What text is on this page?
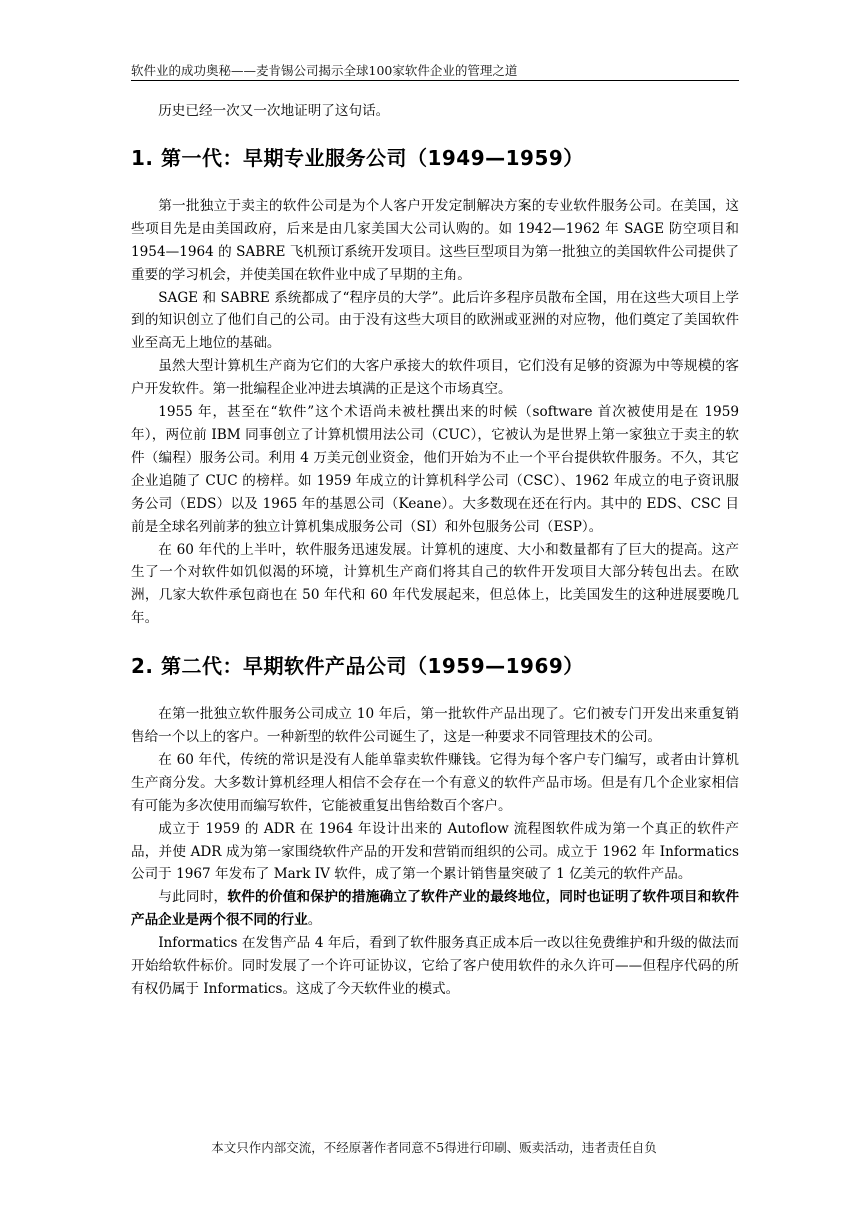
软件业的成功奥秘——麦肯锡公司揭示全球100家软件企业的管理之道

历史已经一次又一次地证明了这句话。

1. 第一代：早期专业服务公司（1949—1959）

第一批独立于卖主的软件公司是为个人客户开发定制解决方案的专业软件服务公司。在美国，这些项目先是由美国政府，后来是由几家美国大公司认购的。如 1942—1962 年 SAGE 防空项目和 1954—1964 的 SABRE 飞机预订系统开发项目。这些巨型项目为第一批独立的美国软件公司提供了重要的学习机会，并使美国在软件业中成了早期的主角。

SAGE 和 SABRE 系统都成了“程序员的大学”。此后许多程序员散布全国，用在这些大项目上学到的知识创立了他们自己的公司。由于没有这些大项目的欧洲或亚洲的对应物，他们奠定了美国软件业至高无上地位的基础。

虽然大型计算机生产商为它们的大客户承接大的软件项目，它们没有足够的资源为中等规模的客户开发软件。第一批编程企业冲进去填满的正是这个市场真空。

1955 年，甚至在“软件”这个术语尚未被杜撰出来的时候（software 首次被使用是在 1959 年），两位前 IBM 同事创立了计算机惯用法公司（CUC），它被认为是世界上第一家独立于卖主的软件（编程）服务公司。利用 4 万美元创业资金，他们开始为不止一个平台提供软件服务。不久，其它企业追随了 CUC 的榜样。如 1959 年成立的计算机科学公司（CSC）、1962 年成立的电子资讯服务公司（EDS）以及 1965 年的基恩公司（Keane）。大多数现在还在行内。其中的 EDS、CSC 目前是全球名列前茅的独立计算机集成服务公司（SI）和外包服务公司（ESP）。

在 60 年代的上半叶，软件服务迅速发展。计算机的速度、大小和数量都有了巨大的提高。这产生了一个对软件如饥似渴的环境，计算机生产商们将其自己的软件开发项目大部分转包出去。在欧洲，几家大软件承包商也在 50 年代和 60 年代发展起来，但总体上，比美国发生的这种进展要晚几年。

2. 第二代：早期软件产品公司（1959—1969）

在第一批独立软件服务公司成立 10 年后，第一批软件产品出现了。它们被专门开发出来重复销售给一个以上的客户。一种新型的软件公司诞生了，这是一种要求不同管理技术的公司。

在 60 年代，传统的常识是没有人能单靠卖软件赚钱。它得为每个客户专门编写，或者由计算机生产商分发。大多数计算机经理人相信不会存在一个有意义的软件产品市场。但是有几个企业家相信有可能为多次使用而编写软件，它能被重复出售给数百个客户。

成立于 1959 的 ADR 在 1964 年设计出来的 Autoflow 流程图软件成为第一个真正的软件产品，并使 ADR 成为第一家围绕软件产品的开发和营销而组织的公司。成立于 1962 年 Informatics 公司于 1967 年发布了 Mark IV 软件，成了第一个累计销售量突破了 1 亿美元的软件产品。

与此同时，软件的价值和保护的措施确立了软件产业的最终地位，同时也证明了软件项目和软件产品企业是两个很不同的行业。

Informatics 在发售产品 4 年后，看到了软件服务真正成本后一改以往免费维护和升级的做法而开始给软件标价。同时发展了一个许可证协议，它给了客户使用软件的永久许可——但程序代码的所有权仍属于 Informatics。这成了今天软件业的模式。

本文只作内部交流，不经原著作者同意不5得进行印刷、贩卖活动，违者责任自负
